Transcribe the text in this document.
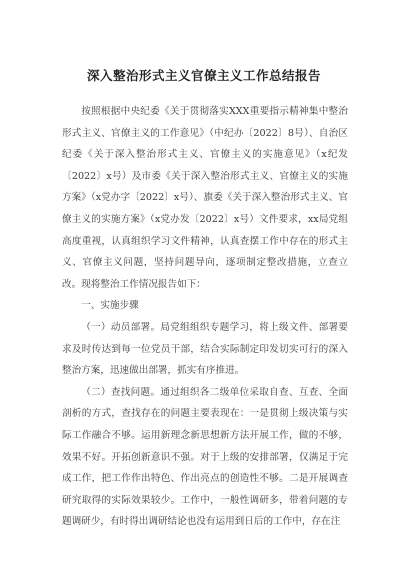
深入整治形式主义官僚主义工作总结报告

按照根据中央纪委《关于贯彻落实XXX重要指示精神集中整治形式主义、官僚主义的工作意见》（中纪办〔2022〕8号）、自治区纪委《关于深入整治形式主义、官僚主义的实施意见》（x纪发〔2022〕x号）及市委《关于深入整治形式主义、官僚主义的实施方案》（x党办字〔2022〕x号）、旗委《关于深入整治形式主义、官僚主义的实施方案》（x党办发〔2022〕x号）文件要求，xx局党组高度重视，认真组织学习文件精神，认真查摆工作中存在的形式主义、官僚主义问题，坚持问题导向，逐项制定整改措施，立查立改。现将整治工作情况报告如下：

一、实施步骤

（一）动员部署。局党组组织专题学习，将上级文件、部署要求及时传达到每一位党员干部，结合实际制定印发切实可行的深入整治方案，迅速做出部署，抓实有序推进。

（二）查找问题。通过组织各二级单位采取自查、互查、全面剖析的方式，查找存在的问题主要表现在：一是贯彻上级决策与实际工作融合不够。运用新理念新思想新方法开展工作，做的不够，效果不好。开拓创新意识不强。对于上级的安排部署，仅满足于完成工作，把工作作出特色、作出亮点的创造性不够。二是开展调查研究取得的实际效果较少。工作中，一般性调研多，带着问题的专题调研少，有时得出调研结论也没有运用到日后的工作中，存在注
